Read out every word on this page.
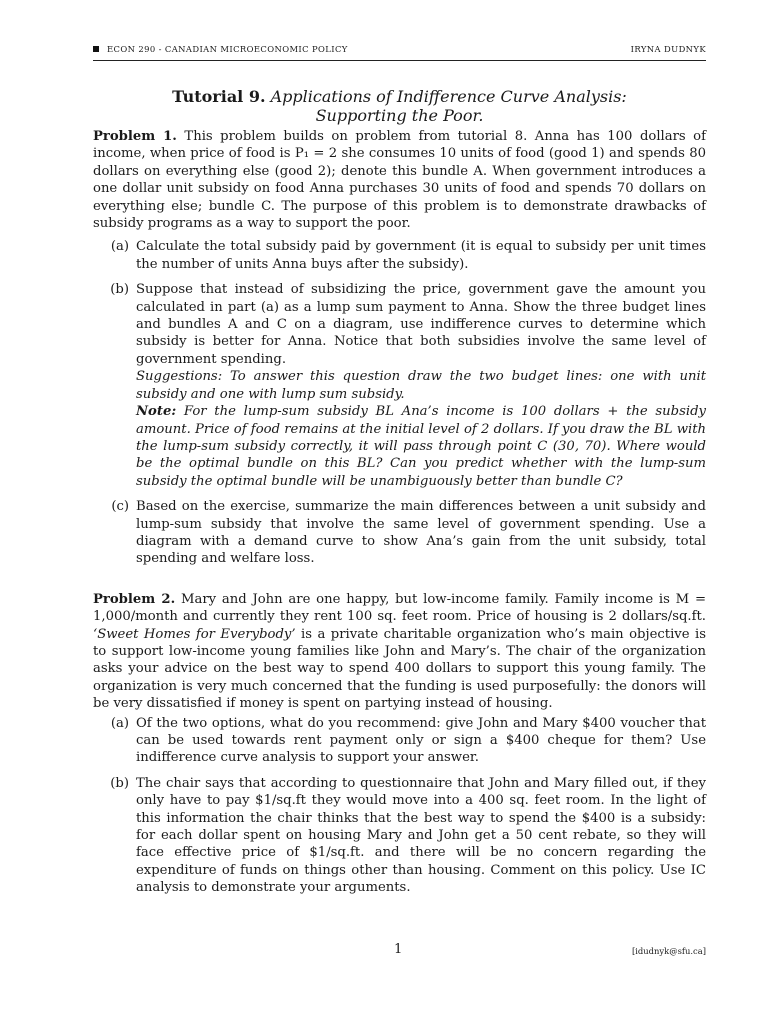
ECON 290 - CANADIAN MICROECONOMIC POLICY	IRYNA DUDNYK
Tutorial 9. Applications of Indifference Curve Analysis:
Supporting the Poor.

Problem 1. This problem builds on problem from tutorial 8. Anna has 100 dollars of income, when price of food is P₁ = 2 she consumes 10 units of food (good 1) and spends 80 dollars on everything else (good 2); denote this bundle A. When government introduces a one dollar unit subsidy on food Anna purchases 30 units of food and spends 70 dollars on everything else; bundle C. The purpose of this problem is to demonstrate drawbacks of subsidy programs as a way to support the poor.

(a) Calculate the total subsidy paid by government (it is equal to subsidy per unit times the number of units Anna buys after the subsidy).
(b) Suppose that instead of subsidizing the price, government gave the amount you calculated in part (a) as a lump sum payment to Anna. Show the three budget lines and bundles A and C on a diagram, use indifference curves to determine which subsidy is better for Anna. Notice that both subsidies involve the same level of government spending.

Suggestions: To answer this question draw the two budget lines: one with unit subsidy and one with lump sum subsidy.

Note: For the lump-sum subsidy BL Ana’s income is 100 dollars + the subsidy amount. Price of food remains at the initial level of 2 dollars. If you draw the BL with the lump-sum subsidy correctly, it will pass through point C (30, 70). Where would be the optimal bundle on this BL? Can you predict whether with the lump-sum subsidy the optimal bundle will be unambiguously better than bundle C?

(c) Based on the exercise, summarize the main differences between a unit subsidy and lump-sum subsidy that involve the same level of government spending. Use a diagram with a demand curve to show Ana’s gain from the unit subsidy, total spending and welfare loss.

Problem 2. Mary and John are one happy, but low-income family. Family income is M = 1,000/month and currently they rent 100 sq. feet room. Price of housing is 2 dollars/sq.ft. ‘Sweet Homes for Everybody’ is a private charitable organization who’s main objective is to support low-income young families like John and Mary’s. The chair of the organization asks your advice on the best way to spend 400 dollars to support this young family. The organization is very much concerned that the funding is used purposefully: the donors will be very dissatisfied if money is spent on partying instead of housing.

(a) Of the two options, what do you recommend: give John and Mary $400 voucher that can be used towards rent payment only or sign a $400 cheque for them? Use indifference curve analysis to support your answer.
(b) The chair says that according to questionnaire that John and Mary filled out, if they only have to pay $1/sq.ft they would move into a 400 sq. feet room. In the light of this information the chair thinks that the best way to spend the $400 is a subsidy: for each dollar spent on housing Mary and John get a 50 cent rebate, so they will face effective price of $1/sq.ft. and there will be no concern regarding the expenditure of funds on things other than housing. Comment on this policy. Use IC analysis to demonstrate your arguments.
1	[idudnyk@sfu.ca]
